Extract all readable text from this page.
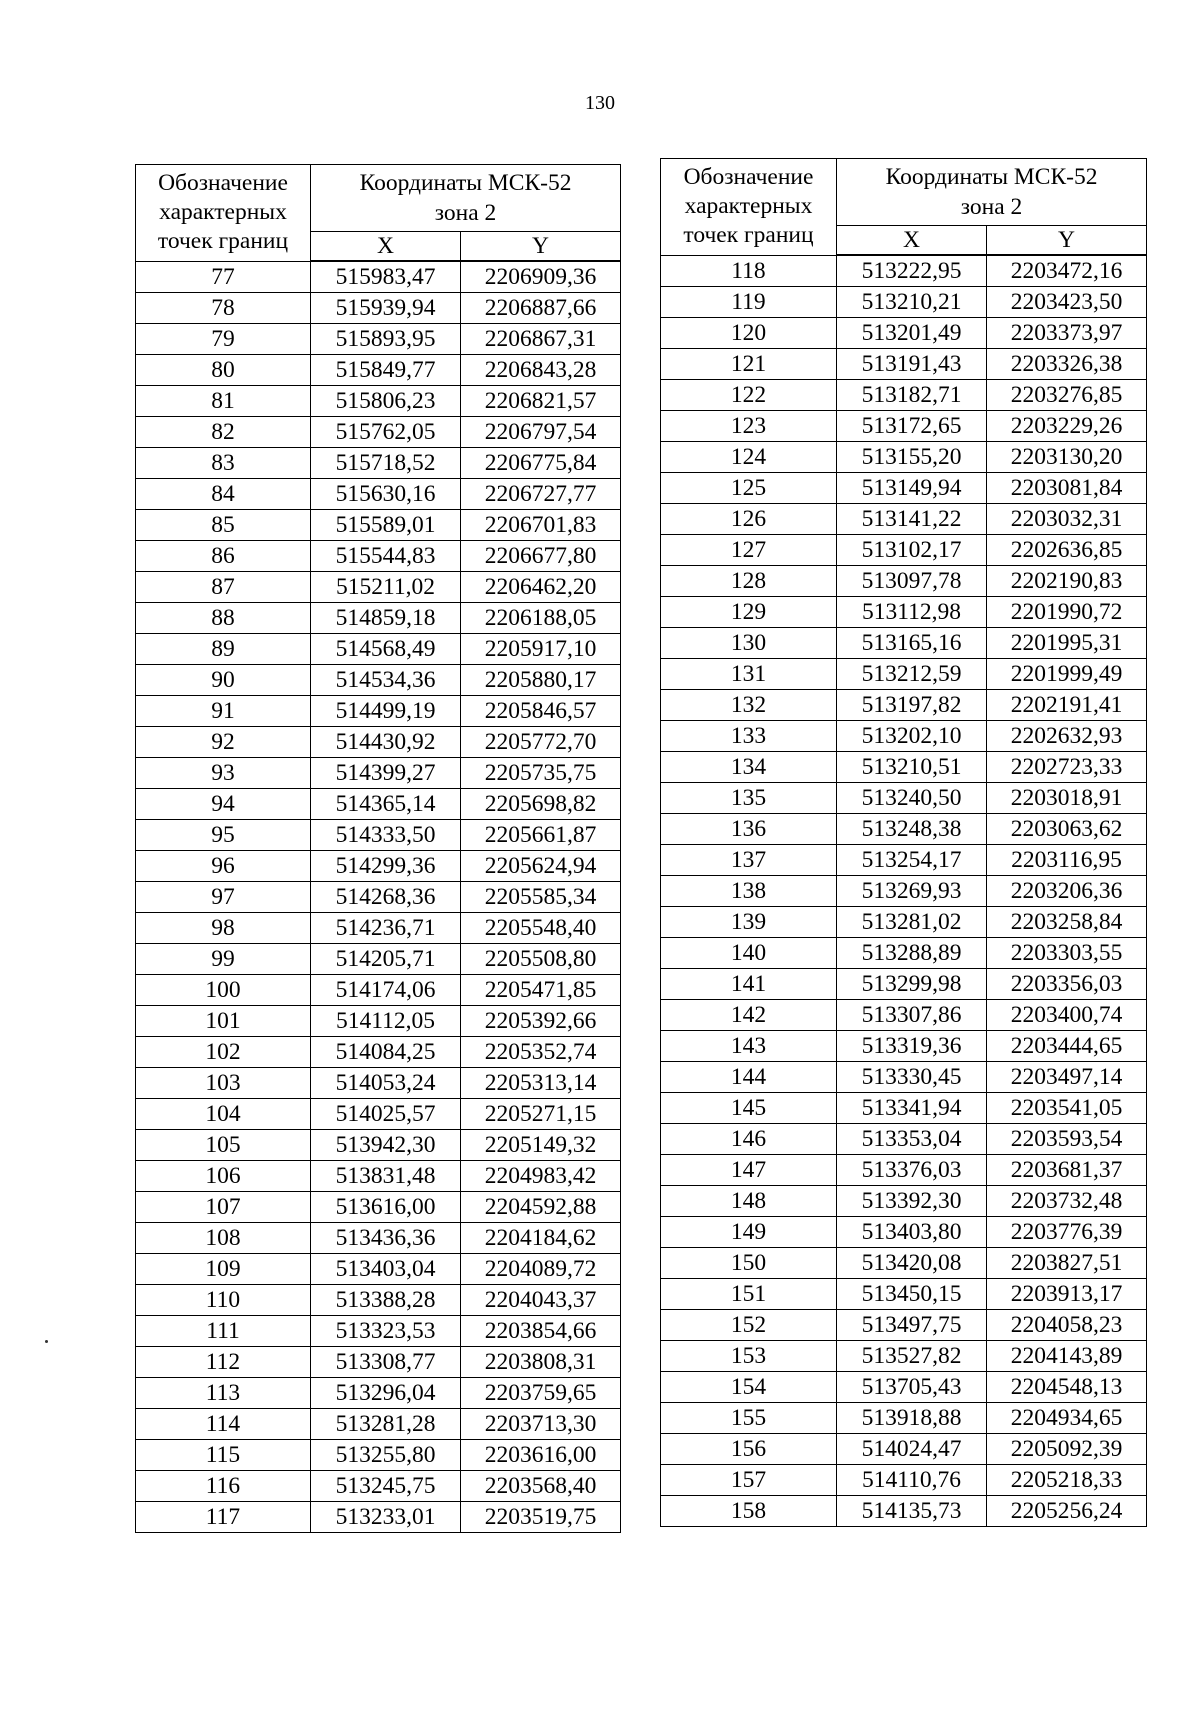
130
Обозначение
характерных
точек границ	Координаты МСК-52
зона 2	
	X	Y
77	515983,47	2206909,36
78	515939,94	2206887,66
79	515893,95	2206867,31
80	515849,77	2206843,28
81	515806,23	2206821,57
82	515762,05	2206797,54
83	515718,52	2206775,84
84	515630,16	2206727,77
85	515589,01	2206701,83
86	515544,83	2206677,80
87	515211,02	2206462,20
88	514859,18	2206188,05
89	514568,49	2205917,10
90	514534,36	2205880,17
91	514499,19	2205846,57
92	514430,92	2205772,70
93	514399,27	2205735,75
94	514365,14	2205698,82
95	514333,50	2205661,87
96	514299,36	2205624,94
97	514268,36	2205585,34
98	514236,71	2205548,40
99	514205,71	2205508,80
100	514174,06	2205471,85
101	514112,05	2205392,66
102	514084,25	2205352,74
103	514053,24	2205313,14
104	514025,57	2205271,15
105	513942,30	2205149,32
106	513831,48	2204983,42
107	513616,00	2204592,88
108	513436,36	2204184,62
109	513403,04	2204089,72
110	513388,28	2204043,37
111	513323,53	2203854,66
112	513308,77	2203808,31
113	513296,04	2203759,65
114	513281,28	2203713,30
115	513255,80	2203616,00
116	513245,75	2203568,40
117	513233,01	2203519,75
Обозначение
характерных
точек границ	Координаты МСК-52
зона 2	
	X	Y
118	513222,95	2203472,16
119	513210,21	2203423,50
120	513201,49	2203373,97
121	513191,43	2203326,38
122	513182,71	2203276,85
123	513172,65	2203229,26
124	513155,20	2203130,20
125	513149,94	2203081,84
126	513141,22	2203032,31
127	513102,17	2202636,85
128	513097,78	2202190,83
129	513112,98	2201990,72
130	513165,16	2201995,31
131	513212,59	2201999,49
132	513197,82	2202191,41
133	513202,10	2202632,93
134	513210,51	2202723,33
135	513240,50	2203018,91
136	513248,38	2203063,62
137	513254,17	2203116,95
138	513269,93	2203206,36
139	513281,02	2203258,84
140	513288,89	2203303,55
141	513299,98	2203356,03
142	513307,86	2203400,74
143	513319,36	2203444,65
144	513330,45	2203497,14
145	513341,94	2203541,05
146	513353,04	2203593,54
147	513376,03	2203681,37
148	513392,30	2203732,48
149	513403,80	2203776,39
150	513420,08	2203827,51
151	513450,15	2203913,17
152	513497,75	2204058,23
153	513527,82	2204143,89
154	513705,43	2204548,13
155	513918,88	2204934,65
156	514024,47	2205092,39
157	514110,76	2205218,33
158	514135,73	2205256,24
